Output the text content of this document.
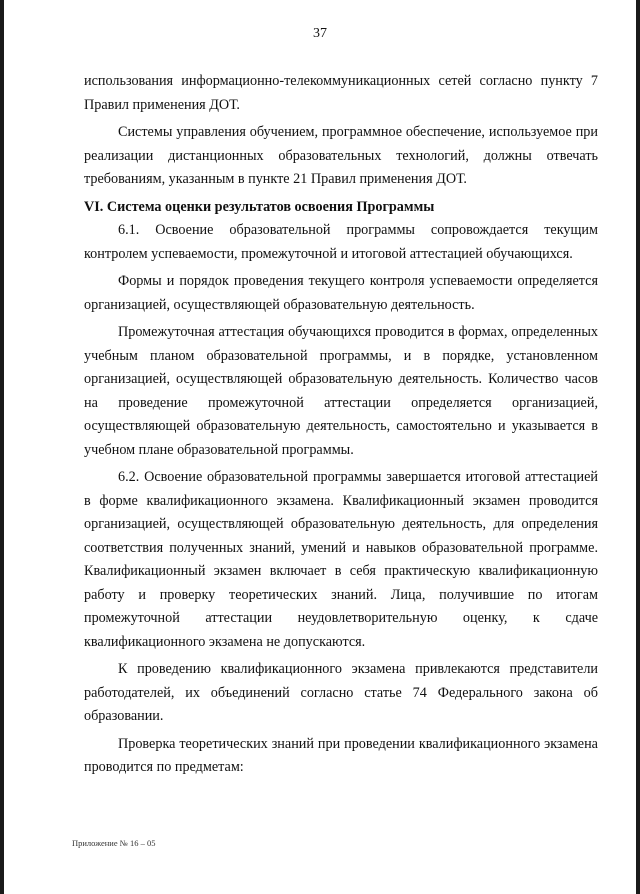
37

использования информационно-телекоммуникационных сетей согласно пункту 7 Правил применения ДОТ.

Системы управления обучением, программное обеспечение, используемое при реализации дистанционных образовательных технологий, должны отвечать требованиям, указанным в пункте 21 Правил применения ДОТ.

VI. Система оценки результатов освоения Программы

6.1. Освоение образовательной программы сопровождается текущим контролем успеваемости, промежуточной и итоговой аттестацией обучающихся.

Формы и порядок проведения текущего контроля успеваемости определяется организацией, осуществляющей образовательную деятельность.

Промежуточная аттестация обучающихся проводится в формах, определенных учебным планом образовательной программы, и в порядке, установленном организацией, осуществляющей образовательную деятельность. Количество часов на проведение промежуточной аттестации определяется организацией, осуществляющей образовательную деятельность, самостоятельно и указывается в учебном плане образовательной программы.

6.2. Освоение образовательной программы завершается итоговой аттестацией в форме квалификационного экзамена. Квалификационный экзамен проводится организацией, осуществляющей образовательную деятельность, для определения соответствия полученных знаний, умений и навыков образовательной программе. Квалификационный экзамен включает в себя практическую квалификационную работу и проверку теоретических знаний. Лица, получившие по итогам промежуточной аттестации неудовлетворительную оценку, к сдаче квалификационного экзамена не допускаются.

К проведению квалификационного экзамена привлекаются представители работодателей, их объединений согласно статье 74 Федерального закона об образовании.

Проверка теоретических знаний при проведении квалификационного экзамена проводится по предметам:

Приложение № 16 – 05
